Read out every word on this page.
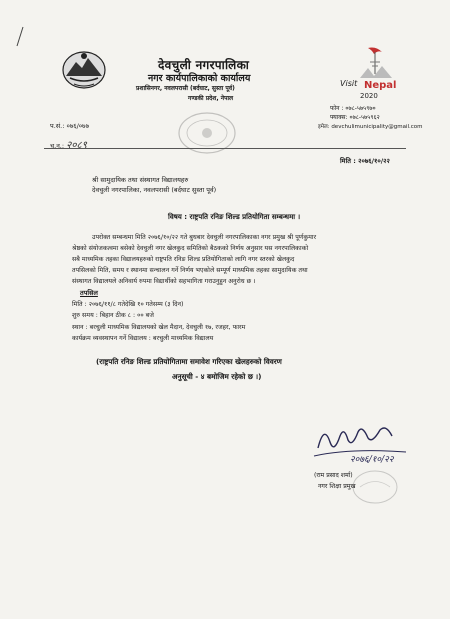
Visit Nepal
2020
देवचुली नगरपालिका
नगर कार्यपालिकाको कार्यालय
प्रशासिनगर, नवलपरासी (बर्दघाट, सुस्ता पूर्व)
गण्डकी प्रदेश, नेपाल
फोन : ०७८-५७५९७०
फ्याक्स: ०७८-५७५९६२
इमेल: devchulimunicipality@gmail.com
प.सं.: ०७६/०७७
च.न.: २०८९
मिति : २०७६/१०/२२
श्री सामुदायिक तथा संस्थागत विद्यालयहरु
देवचुली नगरपालिका, नवलपरासी (बर्दघाट सुस्ता पूर्व)
विषय : राष्ट्रपति रनिङ शिल्ड प्रतियोगिता सम्बन्धमा ।
उपरोक्त सम्बन्धमा मिति २०७६/१०/२२ गते बुधबार देवचुली नगरपालिकाका नगर प्रमुख श्री पूर्णकुमार
श्रेष्ठको संयोजकत्वमा बसेको देवचुली नगर खेलकुद समितिको बैठकको निर्णय अनुसार यस नगरपालिकाको
सबै माध्यमिक तहका विद्यालयहरुको राष्ट्रपति रनिङ शिल्ड प्रतियोगिताको लागि नगर स्तरको खेलकुद
तपसिलको मिति, समय र स्थानमा सन्चालन गर्ने निर्णय भएकोले सम्पूर्ण माध्यमिक तहका सामुदायिक तथा
संस्थागत विद्यालयले अनिवार्य रुपमा विद्यार्थीको सहभागिता गराउनुहुन अनुरोध छ ।
तपसिल
मिति : २०७६/११/८ गतेदेखि १० गतेसम्म (३ दिन)
शुरु समय : बिहान ठीक ८ : ०० बजे
स्थान : बरचुली माध्यमिक विद्यालयको खेल मैदान, देवचुली १७, रजहर, फारम
कार्यक्रम व्यवस्थापन गर्ने विद्यालय : बरचुली माध्यमिक विद्यालय
(राष्ट्रपति रनिङ शिल्ड प्रतियोगितामा समावेश गरिएका खेलहरुको विवरण
अनुसूची - ४ बमोजिम रहेको छ ।)
२०७६/१०/२२
(राम प्रसाद शर्मा)
नगर शिक्षा प्रमुख
